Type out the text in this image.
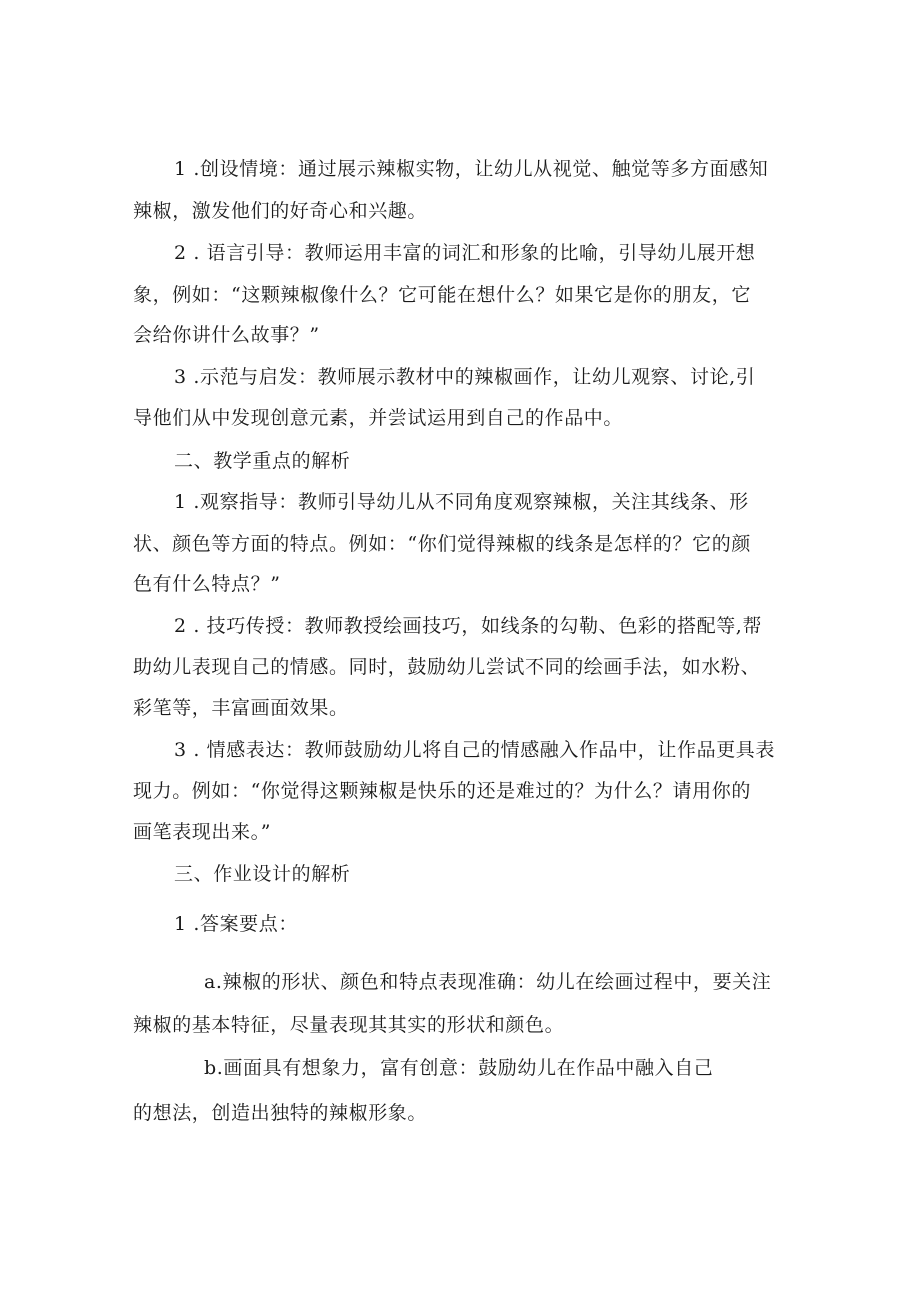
1 .创设情境：通过展示辣椒实物，让幼儿从视觉、触觉等多方面感知
辣椒，激发他们的好奇心和兴趣。
2 . 语言引导：教师运用丰富的词汇和形象的比喻，引导幼儿展开想
象，例如：“这颗辣椒像什么？它可能在想什么？如果它是你的朋友，它
会给你讲什么故事？”
3 .示范与启发：教师展示教材中的辣椒画作，让幼儿观察、讨论,引
导他们从中发现创意元素，并尝试运用到自己的作品中。
二、教学重点的解析
1 .观察指导：教师引导幼儿从不同角度观察辣椒，关注其线条、形
状、颜色等方面的特点。例如：“你们觉得辣椒的线条是怎样的？它的颜
色有什么特点？”
2 . 技巧传授：教师教授绘画技巧，如线条的勾勒、色彩的搭配等,帮
助幼儿表现自己的情感。同时，鼓励幼儿尝试不同的绘画手法，如水粉、
彩笔等，丰富画面效果。
3 . 情感表达：教师鼓励幼儿将自己的情感融入作品中，让作品更具表
现力。例如：“你觉得这颗辣椒是快乐的还是难过的？为什么？请用你的
画笔表现出来。”
三、作业设计的解析
1 .答案要点：
a.辣椒的形状、颜色和特点表现准确：幼儿在绘画过程中，要关注
辣椒的基本特征，尽量表现其其实的形状和颜色。
b.画面具有想象力，富有创意：鼓励幼儿在作品中融入自己
的想法，创造出独特的辣椒形象。
